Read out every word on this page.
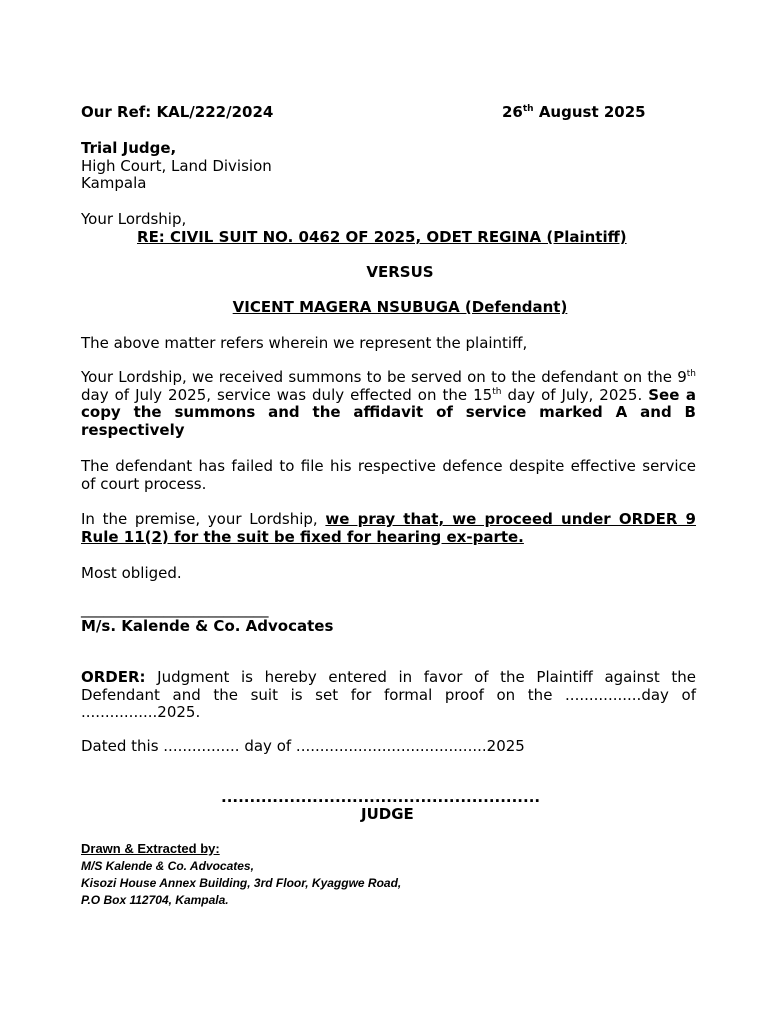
Our Ref: KAL/222/2024	26th August 2025
Trial Judge,
High Court, Land Division
Kampala
Your Lordship,
RE: CIVIL SUIT NO. 0462 OF 2025, ODET REGINA (Plaintiff)
VERSUS
VICENT MAGERA NSUBUGA (Defendant)
The above matter refers wherein we represent the plaintiff,
Your Lordship, we received summons to be served on to the defendant on the 9th day of July 2025, service was duly effected on the 15th day of July, 2025. See a copy the summons and the affidavit of service marked A and B respectively
The defendant has failed to file his respective defence despite effective service of court process.
In the premise, your Lordship, we pray that, we proceed under ORDER 9 Rule 11(2) for the suit be fixed for hearing ex-parte.
Most obliged.
_________________________
M/s. Kalende & Co. Advocates
ORDER: Judgment is hereby entered in favor of the Plaintiff against the Defendant and the suit is set for formal proof on the ................day of ................2025.
Dated this ................ day of ........................................2025
........................................................
JUDGE
Drawn & Extracted by:
M/S Kalende & Co. Advocates,
Kisozi House Annex Building, 3rd Floor, Kyaggwe Road,
P.O Box 112704, Kampala.
